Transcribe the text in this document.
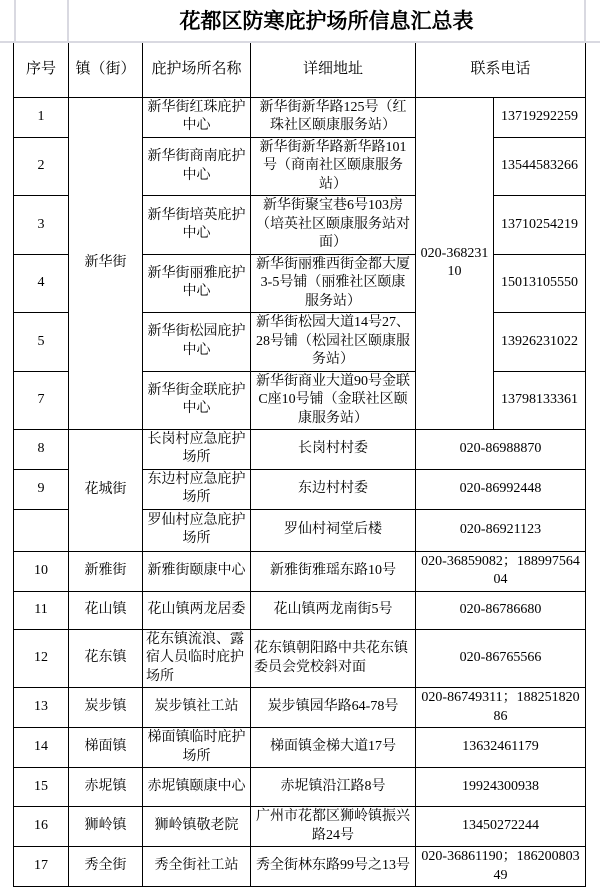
花都区防寒庇护场所信息汇总表
序号	镇（街）	庇护场所名称	详细地址	联系电话	
1	新华街	新华街红珠庇护中心	新华街新华路125号（红珠社区颐康服务站）	020-36823110	13719292259
2		新华街商南庇护中心	新华街新华路新华路101号（商南社区颐康服务站）		13544583266
3		新华街培英庇护中心	新华街聚宝巷6号103房（培英社区颐康服务站对面）		13710254219
4		新华街丽雅庇护中心	新华街丽雅西街金都大厦3-5号铺（丽雅社区颐康服务站）		15013105550
5		新华街松园庇护中心	新华街松园大道14号27、28号铺（松园社区颐康服务站）		13926231022
7		新华街金联庇护中心	新华街商业大道90号金联C座10号铺（金联社区颐康服务站）		13798133361
8	花城街	长岗村应急庇护场所	长岗村村委	020-86988870	
9		东边村应急庇护场所	东边村村委	020-86992448	
		罗仙村应急庇护场所	罗仙村祠堂后楼	020-86921123	
10	新雅街	新雅街颐康中心	新雅街雅瑶东路10号	020-36859082；18899756404	
11	花山镇	花山镇两龙居委	花山镇两龙南街5号	020-86786680	
12	花东镇	花东镇流浪、露宿人员临时庇护场所	花东镇朝阳路中共花东镇委员会党校斜对面	020-86765566	
13	炭步镇	炭步镇社工站	炭步镇园华路64-78号	020-86749311；18825182086	
14	梯面镇	梯面镇临时庇护场所	梯面镇金梯大道17号	13632461179	
15	赤坭镇	赤坭镇颐康中心	赤坭镇沿江路8号	19924300938	
16	狮岭镇	狮岭镇敬老院	广州市花都区狮岭镇振兴路24号	13450272244	
17	秀全街	秀全街社工站	秀全街林东路99号之13号	020-36861190；18620080349	
